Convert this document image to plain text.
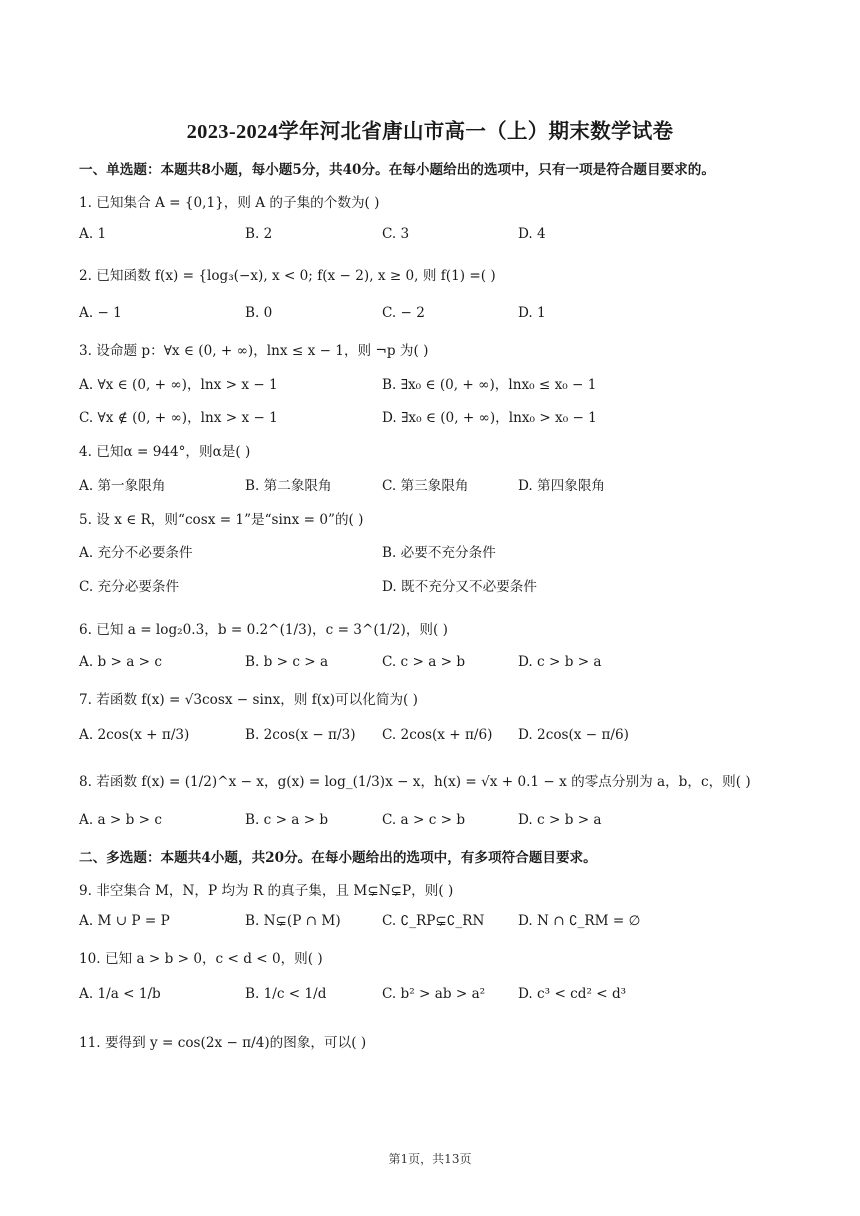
2023-2024学年河北省唐山市高一（上）期末数学试卷
一、单选题：本题共8小题，每小题5分，共40分。在每小题给出的选项中，只有一项是符合题目要求的。
1. 已知集合 A = {0,1}，则 A 的子集的个数为( )
A. 1	B. 2	C. 3	D. 4
2. 已知函数 f(x) = {log₃(−x), x < 0; f(x − 2), x ≥ 0, 则 f(1) =( )
A. − 1	B. 0	C. − 2	D. 1
3. 设命题 p：∀x ∈ (0, + ∞)，lnx ≤ x − 1，则 ¬p 为( )
A. ∀x ∈ (0, + ∞)，lnx > x − 1	B. ∃x₀ ∈ (0, + ∞)，lnx₀ ≤ x₀ − 1
C. ∀x ∉ (0, + ∞)，lnx > x − 1	D. ∃x₀ ∈ (0, + ∞)，lnx₀ > x₀ − 1
4. 已知α = 944°，则α是( )
A. 第一象限角	B. 第二象限角	C. 第三象限角	D. 第四象限角
5. 设 x ∈ R，则“cosx = 1”是“sinx = 0”的( )
A. 充分不必要条件	B. 必要不充分条件
C. 充分必要条件	D. 既不充分又不必要条件
6. 已知 a = log₂0.3，b = 0.2^(1/3)，c = 3^(1/2)，则( )
A. b > a > c	B. b > c > a	C. c > a > b	D. c > b > a
7. 若函数 f(x) = √3cosx − sinx，则 f(x)可以化简为( )
A. 2cos(x + π/3)	B. 2cos(x − π/3) C. 2cos(x + π/6) D. 2cos(x − π/6)
8. 若函数 f(x) = (1/2)^x − x，g(x) = log_(1/3)x − x，h(x) = √x + 0.1 − x 的零点分别为 a，b，c，则( )
A. a > b > c	B. c > a > b	C. a > c > b	D. c > b > a
二、多选题：本题共4小题，共20分。在每小题给出的选项中，有多项符合题目要求。
9. 非空集合 M，N，P 均为 R 的真子集，且 M⊊N⊊P，则( )
A. M ∪ P = P	B. N⊊(P ∩ M)	C. ∁_RP⊊∁_RN D. N ∩ ∁_RM = ∅
10. 已知 a > b > 0，c < d < 0，则( )
A. 1/a < 1/b	B. 1/c < 1/d	C. b² > ab > a² D. c³ < cd² < d³
11. 要得到 y = cos(2x − π/4)的图象，可以( )
第1页，共13页
